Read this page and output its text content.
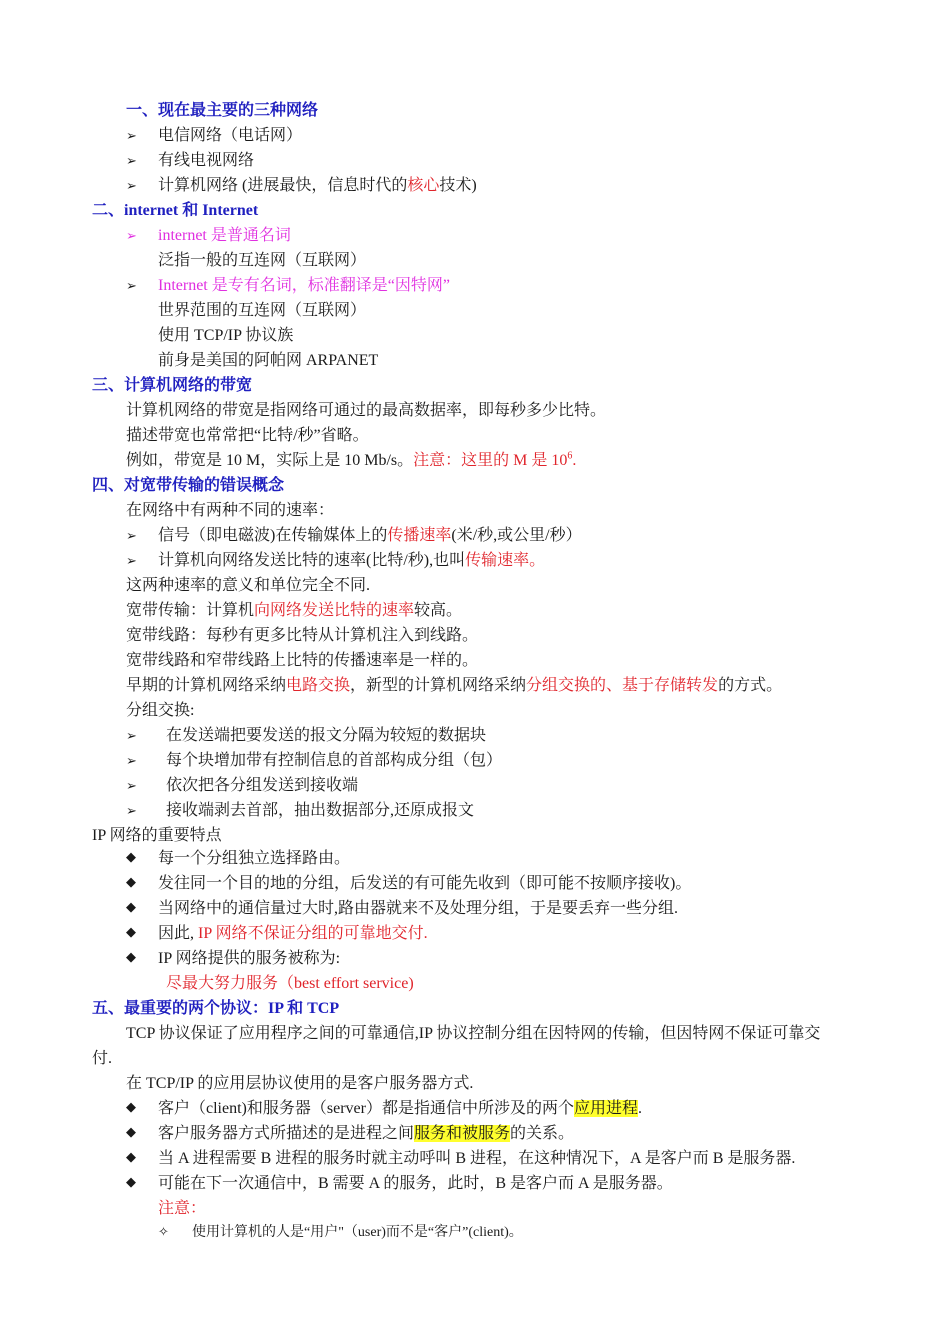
一、现在最主要的三种网络
➢ 电信网络（电话网）
➢ 有线电视网络
➢ 计算机网络 (进展最快，信息时代的核心技术)
二、internet 和 Internet
➢ internet 是普通名词
泛指一般的互连网（互联网）
➢ Internet 是专有名词，标准翻译是“因特网”
世界范围的互连网（互联网）
使用 TCP/IP 协议族
前身是美国的阿帕网 ARPANET
三、计算机网络的带宽
计算机网络的带宽是指网络可通过的最高数据率，即每秒多少比特。
描述带宽也常常把“比特/秒”省略。
例如，带宽是 10 M，实际上是 10 Mb/s。注意：这里的 M 是 $10^6$.
四、对宽带传输的错误概念
在网络中有两种不同的速率：
➢ 信号（即电磁波)在传输媒体上的传播速率(米/秒,或公里/秒）
➢ 计算机向网络发送比特的速率(比特/秒),也叫传输速率。
这两种速率的意义和单位完全不同.
宽带传输：计算机向网络发送比特的速率较高。
宽带线路：每秒有更多比特从计算机注入到线路。
宽带线路和窄带线路上比特的传播速率是一样的。
早期的计算机网络采纳电路交换，新型的计算机网络采纳分组交换的、基于存储转发的方式。
分组交换:
➢ 在发送端把要发送的报文分隔为较短的数据块
➢ 每个块增加带有控制信息的首部构成分组（包）
➢ 依次把各分组发送到接收端
➢ 接收端剥去首部，抽出数据部分,还原成报文
IP 网络的重要特点
◆ 每一个分组独立选择路由。
◆ 发往同一个目的地的分组，后发送的有可能先收到（即可能不按顺序接收)。
◆ 当网络中的通信量过大时,路由器就来不及处理分组，于是要丢弃一些分组.
◆ 因此, IP 网络不保证分组的可靠地交付.
◆ IP 网络提供的服务被称为:
尽最大努力服务（best effort service)
五、最重要的两个协议：IP 和 TCP
TCP 协议保证了应用程序之间的可靠通信,IP 协议控制分组在因特网的传输，但因特网不保证可靠交
付.
在 TCP/IP 的应用层协议使用的是客户服务器方式.
◆ 客户（client)和服务器（server）都是指通信中所涉及的两个应用进程.
◆ 客户服务器方式所描述的是进程之间服务和被服务的关系。
◆ 当 A 进程需要 B 进程的服务时就主动呼叫 B 进程，在这种情况下，A 是客户而 B 是服务器.
◆ 可能在下一次通信中，B 需要 A 的服务，此时，B 是客户而 A 是服务器。
注意：
✧ 使用计算机的人是“用户"（user)而不是“客户”(client)。
